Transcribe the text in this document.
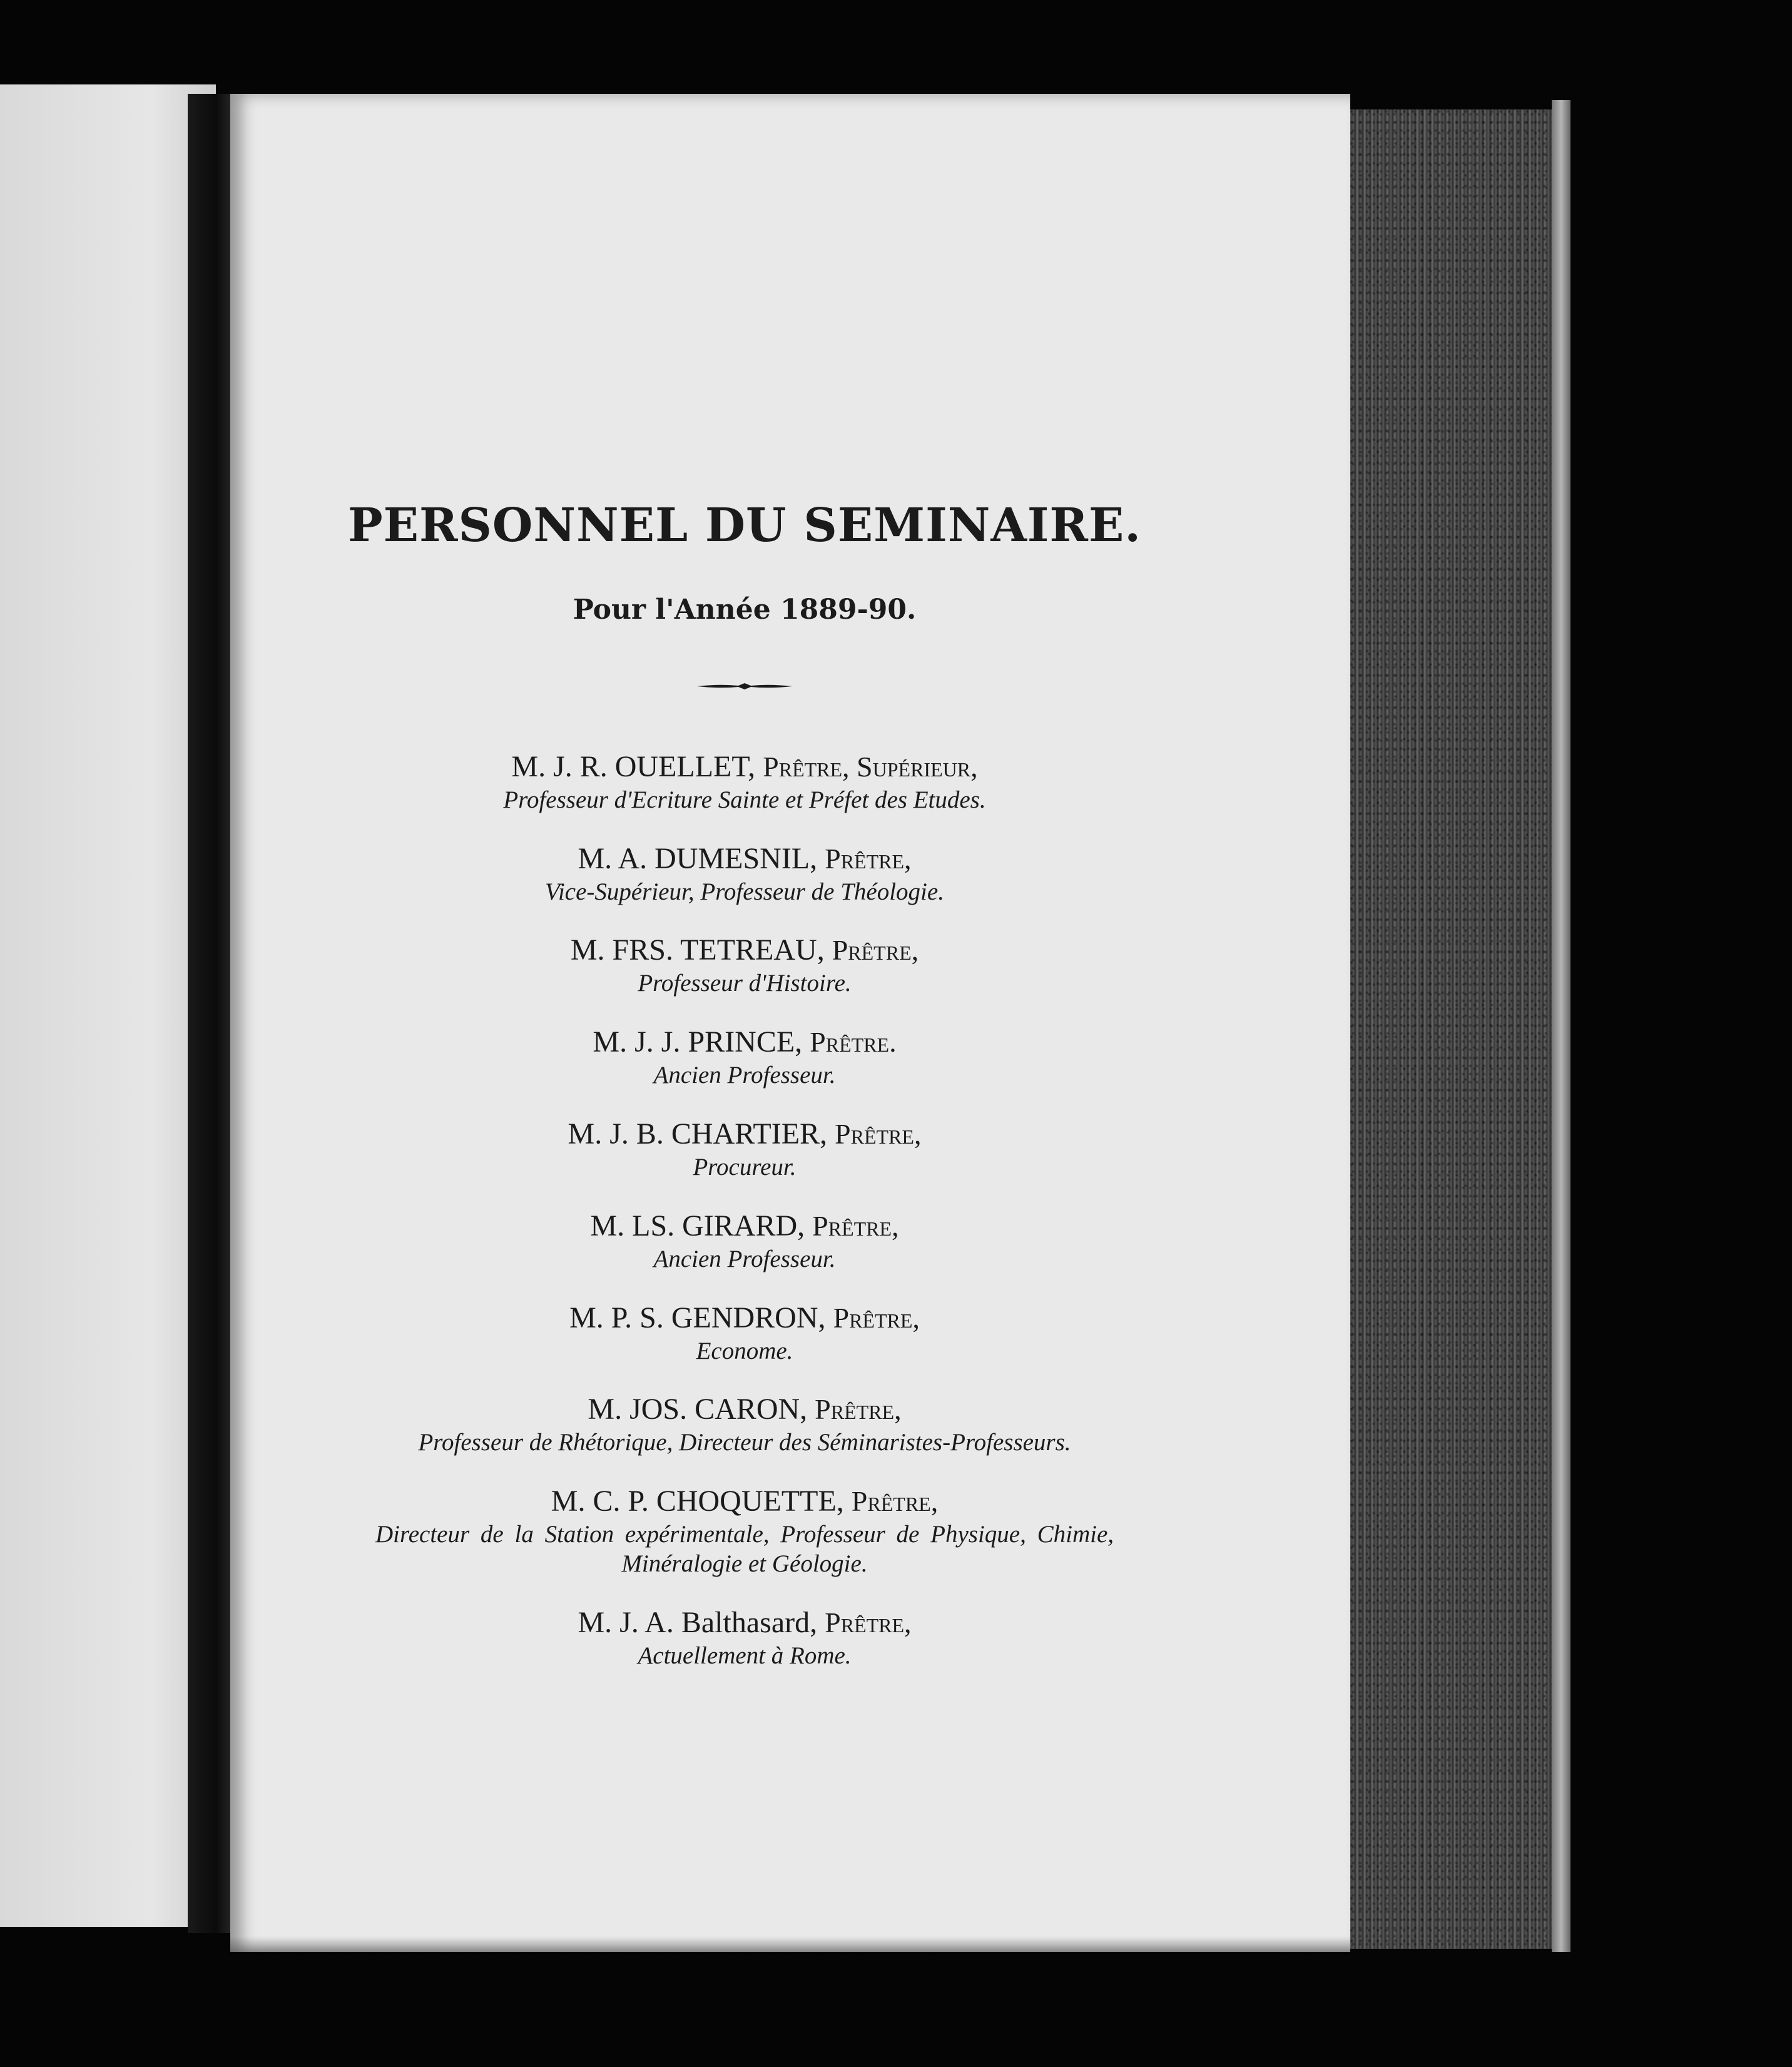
PERSONNEL DU SEMINAIRE.
Pour l'Année 1889-90.
M. J. R. OUELLET, Prêtre, Supérieur,
Professeur d'Ecriture Sainte et Préfet des Etudes.
M. A. DUMESNIL, Prêtre,
Vice-Supérieur, Professeur de Théologie.
M. FRS. TETREAU, Prêtre,
Professeur d'Histoire.
M. J. J. PRINCE, Prêtre.
Ancien Professeur.
M. J. B. CHARTIER, Prêtre,
Procureur.
M. LS. GIRARD, Prêtre,
Ancien Professeur.
M. P. S. GENDRON, Prêtre,
Econome.
M. JOS. CARON, Prêtre,
Professeur de Rhétorique, Directeur des Séminaristes-Professeurs.
M. C. P. CHOQUETTE, Prêtre,
Directeur de la Station expérimentale, Professeur de Physique, Chimie, Minéralogie et Géologie.
M. J. A. Balthasard, Prêtre,
Actuellement à Rome.
